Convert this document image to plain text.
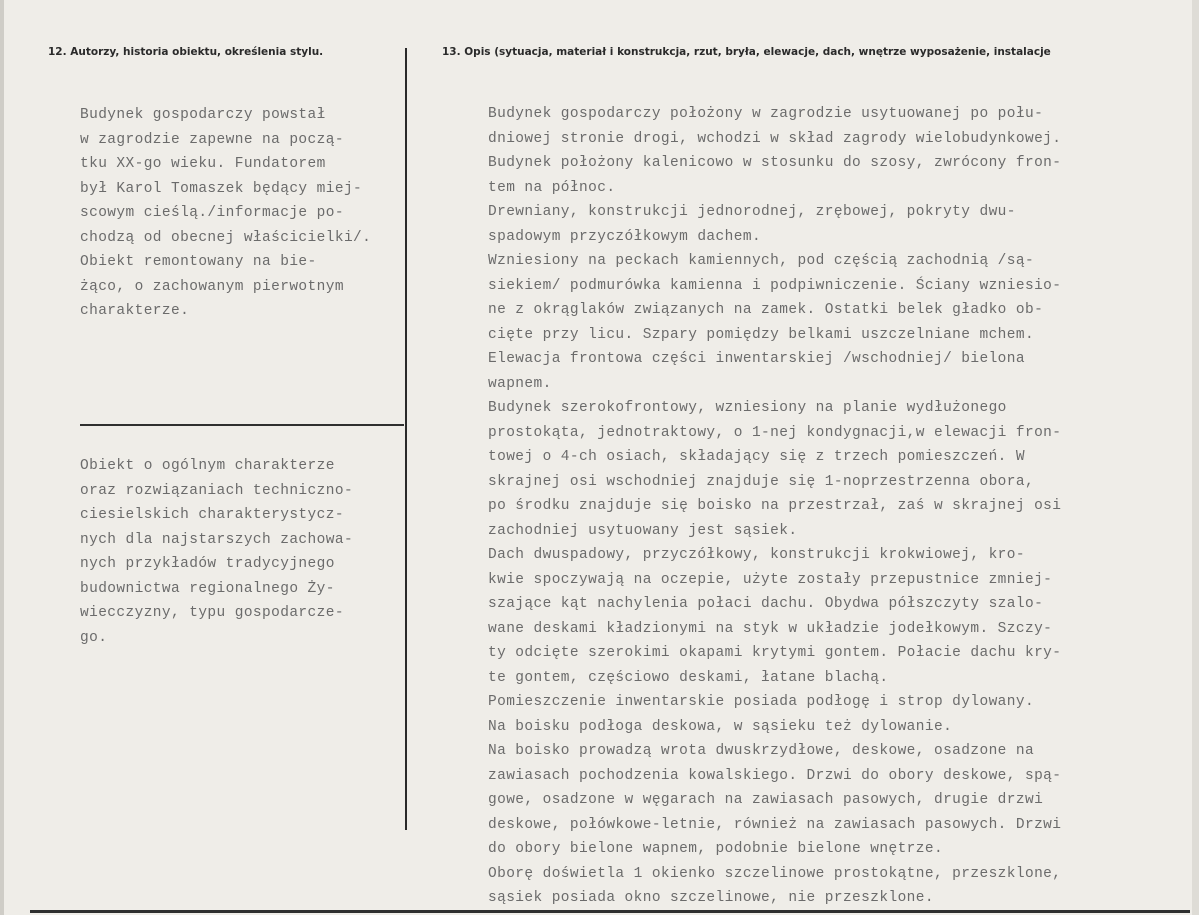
12. Autorzy, historia obiektu, określenia stylu.	13. Opis (sytuacja, materiał i konstrukcja, rzut, bryła, elewacje, dach, wnętrze wyposażenie, instalacje
Budynek gospodarczy powstał
w zagrodzie zapewne na począ-
tku XX-go wieku. Fundatorem
był Karol Tomaszek będący miej-
scowym cieślą./informacje po-
chodzą od obecnej właścicielki/.
Obiekt remontowany na bie-
żąco, o zachowanym pierwotnym
charakterze.
Obiekt o ogólnym charakterze
oraz rozwiązaniach techniczno-
ciesielskich charakterystycz-
nych dla najstarszych zachowa-
nych przykładów tradycyjnego
budownictwa regionalnego Ży-
wiecczyzny, typu gospodarcze-
go.
Budynek gospodarczy położony w zagrodzie usytuowanej po połu-
dniowej stronie drogi, wchodzi w skład zagrody wielobudynkowej.
Budynek położony kalenicowo w stosunku do szosy, zwrócony fron-
tem na północ.
Drewniany, konstrukcji jednorodnej, zrębowej, pokryty dwu-
spadowym przyczółkowym dachem.
Wzniesiony na peckach kamiennych, pod częścią zachodnią /są-
siekiem/ podmurówka kamienna i podpiwniczenie. Ściany wzniesio-
ne z okrąglaków związanych na zamek. Ostatki belek gładko ob-
cięte przy licu. Szpary pomiędzy belkami uszczelniane mchem.
Elewacja frontowa części inwentarskiej /wschodniej/ bielona
wapnem.
Budynek szerokofrontowy, wzniesiony na planie wydłużonego
prostokąta, jednotraktowy, o 1-nej kondygnacji,w elewacji fron-
towej o 4-ch osiach, składający się z trzech pomieszczeń. W
skrajnej osi wschodniej znajduje się 1-noprzestrzenna obora,
po środku znajduje się boisko na przestrzał, zaś w skrajnej osi
zachodniej usytuowany jest sąsiek.
Dach dwuspadowy, przyczółkowy, konstrukcji krokwiowej, kro-
kwie spoczywają na oczepie, użyte zostały przepustnice zmniej-
szające kąt nachylenia połaci dachu. Obydwa półszczyty szalo-
wane deskami kładzionymi na styk w układzie jodełkowym. Szczy-
ty odcięte szerokimi okapami krytymi gontem. Połacie dachu kry-
te gontem, częściowo deskami, łatane blachą.
Pomieszczenie inwentarskie posiada podłogę i strop dylowany.
Na boisku podłoga deskowa, w sąsieku też dylowanie.
Na boisko prowadzą wrota dwuskrzydłowe, deskowe, osadzone na
zawiasach pochodzenia kowalskiego. Drzwi do obory deskowe, spą-
gowe, osadzone w węgarach na zawiasach pasowych, drugie drzwi
deskowe, połówkowe-letnie, również na zawiasach pasowych. Drzwi
do obory bielone wapnem, podobnie bielone wnętrze.
Oborę doświetla 1 okienko szczelinowe prostokątne, przeszklone,
sąsiek posiada okno szczelinowe, nie przeszklone.
